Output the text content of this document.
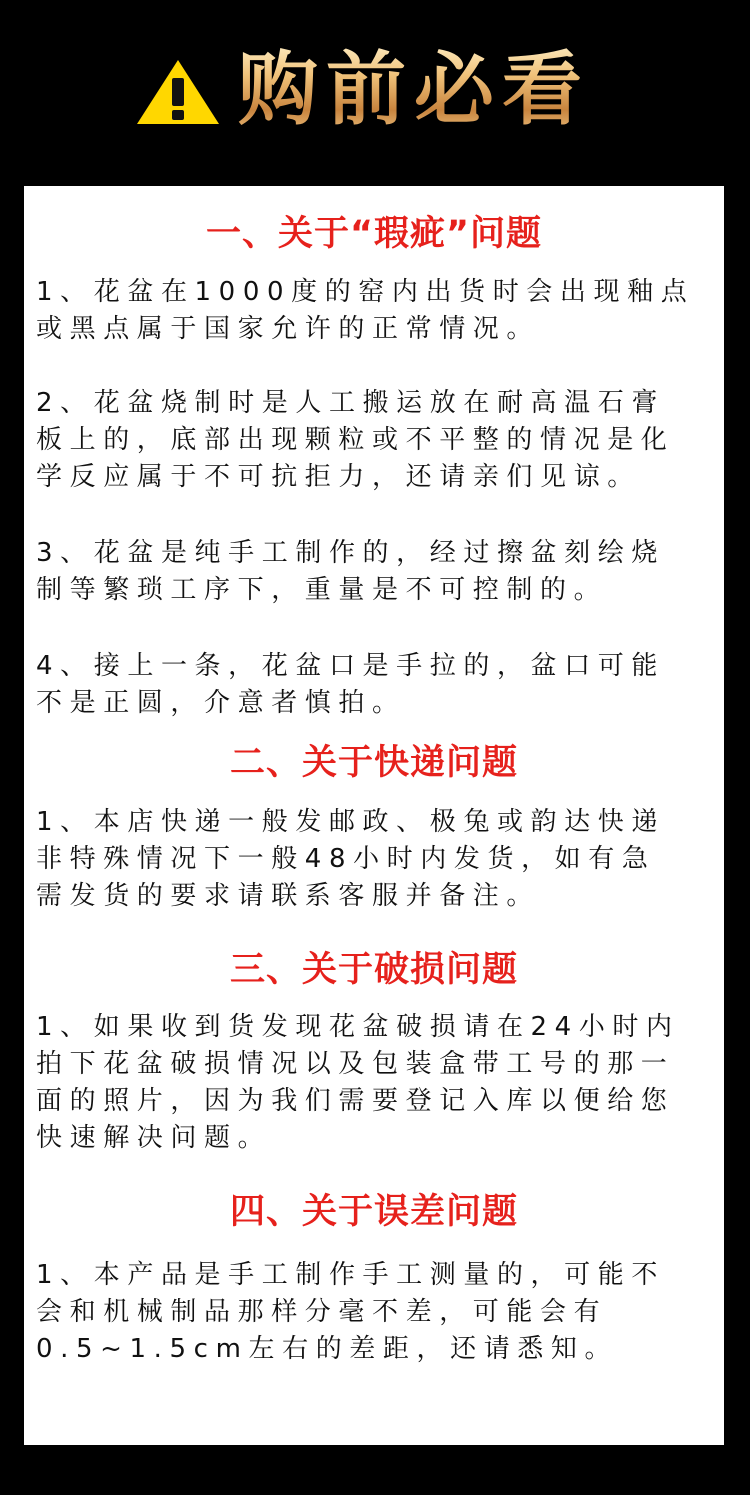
购前必看
一、关于“瑕疵”问题
1、花盆在1000度的窑内出货时会出现釉点
或黑点属于国家允许的正常情况。
2、花盆烧制时是人工搬运放在耐高温石膏
板上的，底部出现颗粒或不平整的情况是化
学反应属于不可抗拒力，还请亲们见谅。
3、花盆是纯手工制作的，经过擦盆刻绘烧
制等繁琐工序下，重量是不可控制的。
4、接上一条，花盆口是手拉的，盆口可能
不是正圆，介意者慎拍。
二、关于快递问题
1、本店快递一般发邮政、极兔或韵达快递
非特殊情况下一般48小时内发货，如有急
需发货的要求请联系客服并备注。
三、关于破损问题
1、如果收到货发现花盆破损请在24小时内
拍下花盆破损情况以及包装盒带工号的那一
面的照片，因为我们需要登记入库以便给您
快速解决问题。
四、关于误差问题
1、本产品是手工制作手工测量的，可能不
会和机械制品那样分毫不差，可能会有
0.5~1.5cm左右的差距，还请悉知。
